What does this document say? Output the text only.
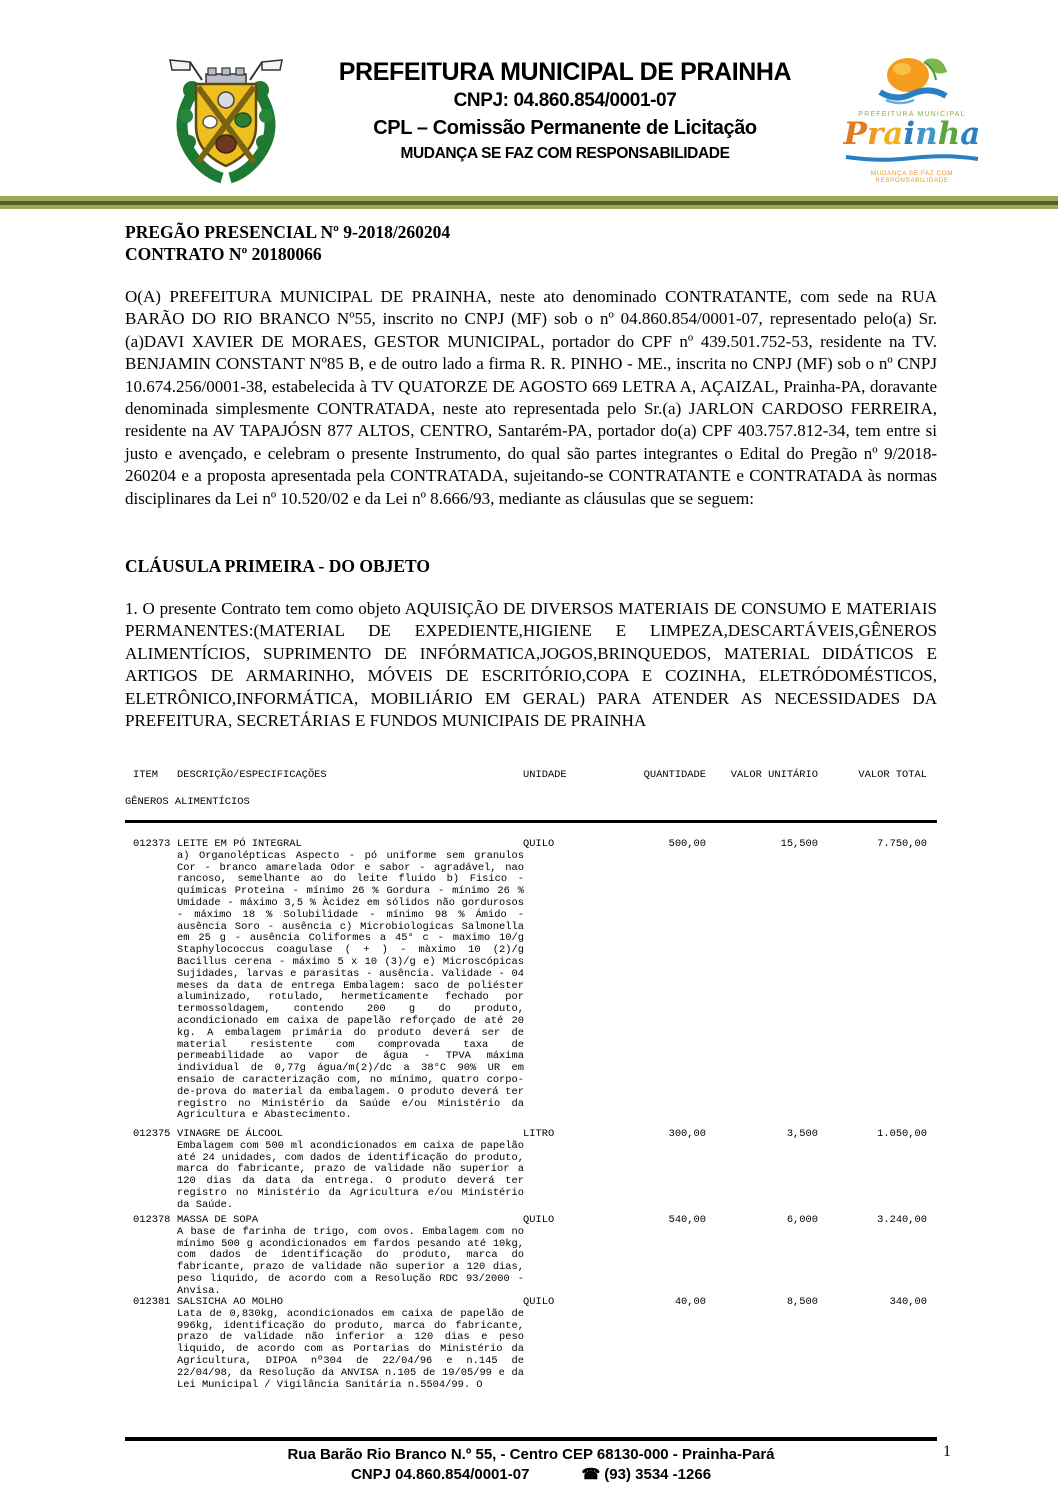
PREFEITURA MUNICIPAL DE PRAINHA
CNPJ: 04.860.854/0001-07
CPL – Comissão Permanente de Licitação
MUDANÇA SE FAZ COM RESPONSABILIDADE
PREFEITURA MUNICIPAL
Prainha
MUDANÇA SE FAZ COM RESPONSABILIDADE
PREGÃO PRESENCIAL Nº 9-2018/260204
CONTRATO Nº 20180066
O(A) PREFEITURA MUNICIPAL DE PRAINHA, neste ato denominado CONTRATANTE, com sede na RUA BARÃO DO RIO BRANCO Nº55, inscrito no CNPJ (MF) sob o nº 04.860.854/0001-07, representado pelo(a) Sr.(a)DAVI XAVIER DE MORAES, GESTOR MUNICIPAL, portador do CPF nº 439.501.752-53, residente na TV. BENJAMIN CONSTANT Nº85 B, e de outro lado a firma R. R. PINHO - ME., inscrita no CNPJ (MF) sob o nº CNPJ 10.674.256/0001-38, estabelecida à TV QUATORZE DE AGOSTO 669 LETRA A, AÇAIZAL, Prainha-PA, doravante denominada simplesmente CONTRATADA, neste ato representada pelo Sr.(a) JARLON CARDOSO FERREIRA, residente na AV TAPAJÓSN 877 ALTOS, CENTRO, Santarém-PA, portador do(a) CPF 403.757.812-34, tem entre si justo e avençado, e celebram o presente Instrumento, do qual são partes integrantes o Edital do Pregão nº 9/2018-260204 e a proposta apresentada pela CONTRATADA, sujeitando-se CONTRATANTE e CONTRATADA às normas disciplinares da Lei nº 10.520/02 e da Lei nº 8.666/93, mediante as cláusulas que se seguem:
CLÁUSULA PRIMEIRA - DO OBJETO
1. O presente Contrato tem como objeto AQUISIÇÃO DE DIVERSOS MATERIAIS DE CONSUMO E MATERIAIS PERMANENTES:(MATERIAL DE EXPEDIENTE,HIGIENE E LIMPEZA,DESCARTÁVEIS,GÊNEROS ALIMENTÍCIOS, SUPRIMENTO DE INFÓRMATICA,JOGOS,BRINQUEDOS, MATERIAL DIDÁTICOS E ARTIGOS DE ARMARINHO, MÓVEIS DE ESCRITÓRIO,COPA E COZINHA, ELETRÓDOMÉSTICOS, ELETRÔNICO,INFORMÁTICA, MOBILIÁRIO EM GERAL) PARA ATENDER AS NECESSIDADES DA PREFEITURA, SECRETÁRIAS E FUNDOS MUNICIPAIS DE PRAINHA
ITEM DESCRIÇÃO/ESPECIFICAÇÕES	UNIDADE	QUANTIDADE	VALOR UNITÁRIO	VALOR TOTAL
GÊNEROS ALIMENTÍCIOS
012373	QUILO	500,00	15,500	7.750,00
LEITE EM PÓ INTEGRAL
a) Organolépticas Aspecto - pó uniforme sem granulos Cor - branco amarelada Odor e sabor - agradável, nao rancoso, semelhante ao do leite fluido b) Fisico - químicas Proteina - mínimo 26 % Gordura - mínimo 26 % Umidade - máximo 3,5 % Àcidez em sólidos não gordurosos - máximo 18 % Solubilidade - mínimo 98 % Ámido - ausência Soro - ausência c) Microbiologicas Salmonella em 25 g - ausência Coliformes a 45° c - maximo 10/g Staphylococcus coagulase ( + ) - màximo 10 (2)/g Bacillus cerena - máximo 5 x 10 (3)/g e) Microscópicas Sujidades, larvas e parasitas - ausência. Validade - 04 meses da data de entrega Embalagem: saco de poliéster aluminizado, rotulado, hermeticamente fechado por termossoldagem, contendo 200 g do produto, acondicionado em caixa de papelão reforçado de até 20 kg. A embalagem primária do produto deverá ser de material resistente com comprovada taxa de permeabilidade ao vapor de água - TPVA máxima individual de 0,77g água/m(2)/dc a 38°C 90% UR em ensaio de caracterização com, no mínimo, quatro corpo-de-prova do material da embalagem. O produto deverá ter registro no Ministério da Saúde e/ou Ministério da Agricultura e Abastecimento.
012375	LITRO	300,00	3,500	1.050,00
VINAGRE DE ÁLCOOL
Embalagem com 500 ml acondicionados em caixa de papelão até 24 unidades, com dados de identificação do produto, marca do fabricante, prazo de validade não superior a 120 dias da data da entrega. O produto deverá ter registro no Ministério da Agricultura e/ou Ministério da Saúde.
012378	QUILO	540,00	6,000	3.240,00
MASSA DE SOPA
A base de farinha de trigo, com ovos. Embalagem com no mínimo 500 g acondicionados em fardos pesando até 10kg, com dados de identificação do produto, marca do fabricante, prazo de validade não superior a 120 dias, peso liquido, de acordo com a Resolução RDC 93/2000 - Anvisa.
012381	QUILO	40,00	8,500	340,00
SALSICHA AO MOLHO
Lata de 0,830kg, acondicionados em caixa de papelão de 996kg, identificação do produto, marca do fabricante, prazo de validade não inferior a 120 dias e peso liquido, de acordo com as Portarias do Ministério da Agricultura, DIPOA nº304 de 22/04/96 e n.145 de 22/04/98, da Resolução da ANVISA n.105 de 19/05/99 e da Lei Municipal / Vigilância Sanitária n.5504/99. O
Rua Barão Rio Branco N.º 55, - Centro CEP 68130-000 - Prainha-Pará
CNPJ 04.860.854/0001-07	☎ (93) 3534 -1266
1
